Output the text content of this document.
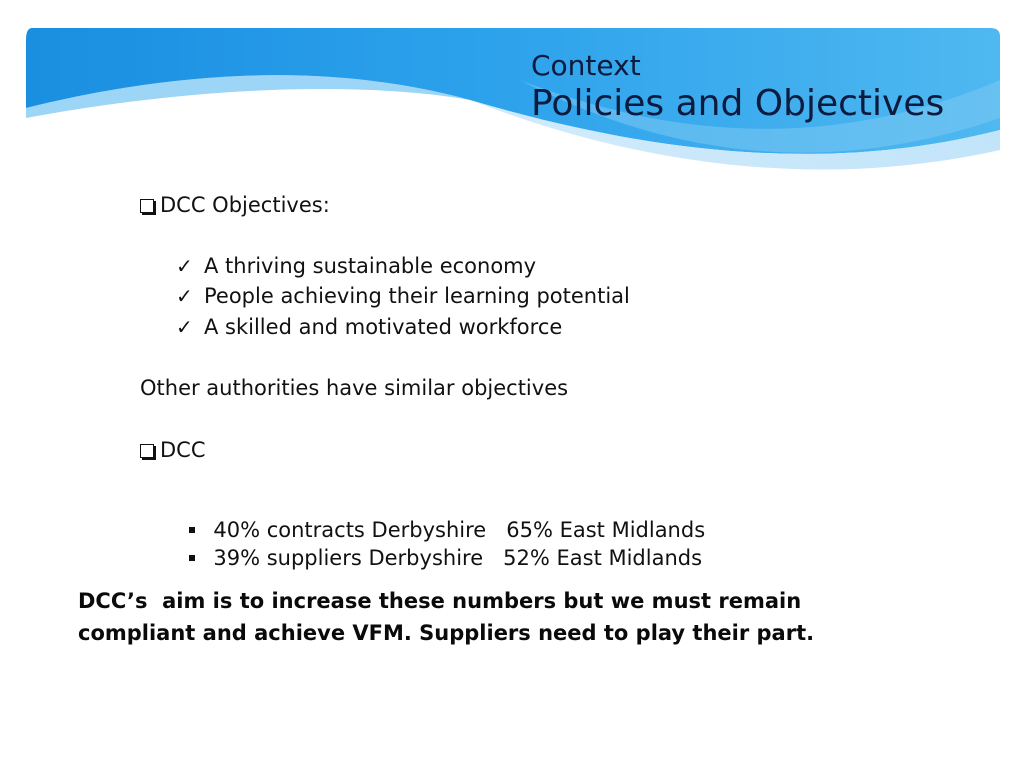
Context
Policies and Objectives
DCC Objectives:
✓ A thriving sustainable economy
✓ People achieving their learning potential
✓ A skilled and motivated workforce
Other authorities have similar objectives
DCC

40% contracts Derbyshire   65% East Midlands

39% suppliers Derbyshire   52% East Midlands

DCC’s  aim is to increase these numbers but we must remain
compliant and achieve VFM. Suppliers need to play their part.
